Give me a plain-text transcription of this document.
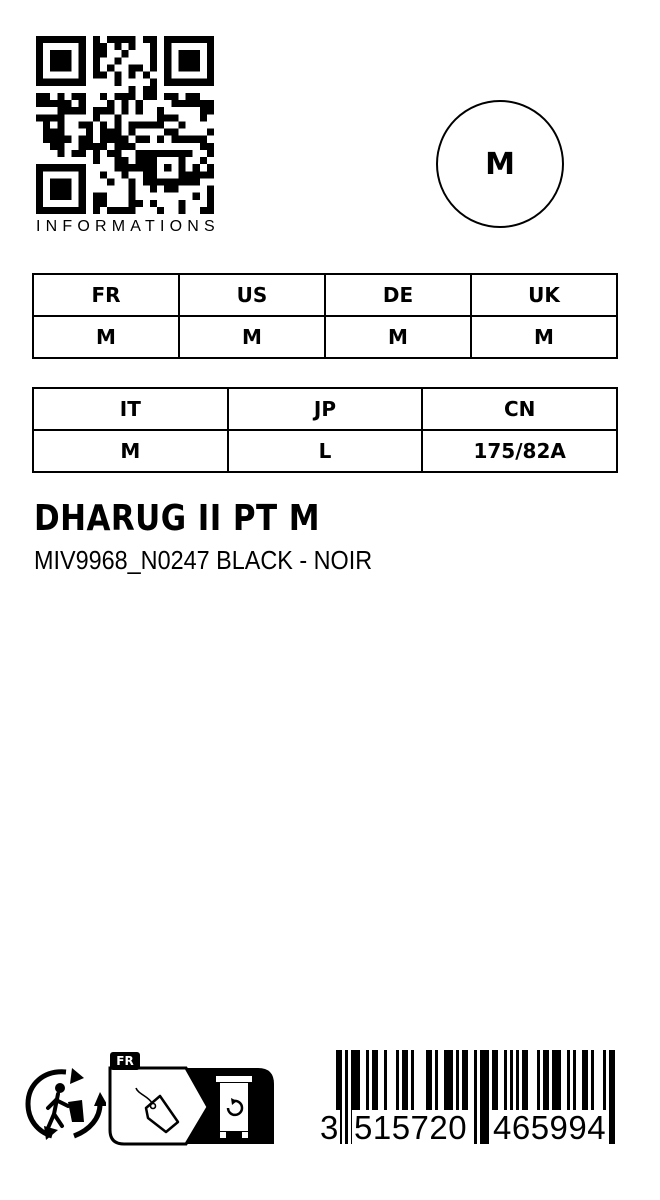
INFORMATIONS
M
FR	US	DE	UK
M	M	M	M
IT	JP	CN
M	L	175/82A
DHARUG II PT M
MIV9968_N0247 BLACK - NOIR
FR
3 515720 465994
